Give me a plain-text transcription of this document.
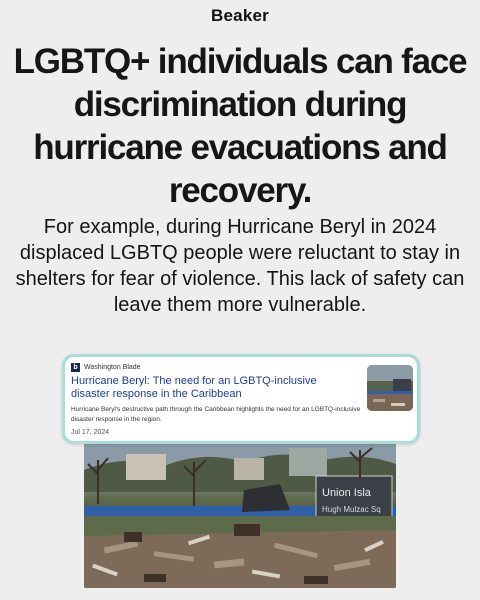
Beaker
LGBTQ+ individuals can face discrimination during hurricane evacuations and recovery.

For example, during Hurricane Beryl in 2024 displaced LGBTQ people were reluctant to stay in shelters for fear of violence. This lack of safety can leave them more vulnerable.

Union Isla
Hugh Mulzac Sq
b Washington Blade

Hurricane Beryl: The need for an LGBTQ-inclusive disaster response in the Caribbean

Hurricane Beryl's destructive path through the Caribbean highlights the need for an LGBTQ-inclusive disaster response in the region.

Jul 17, 2024
